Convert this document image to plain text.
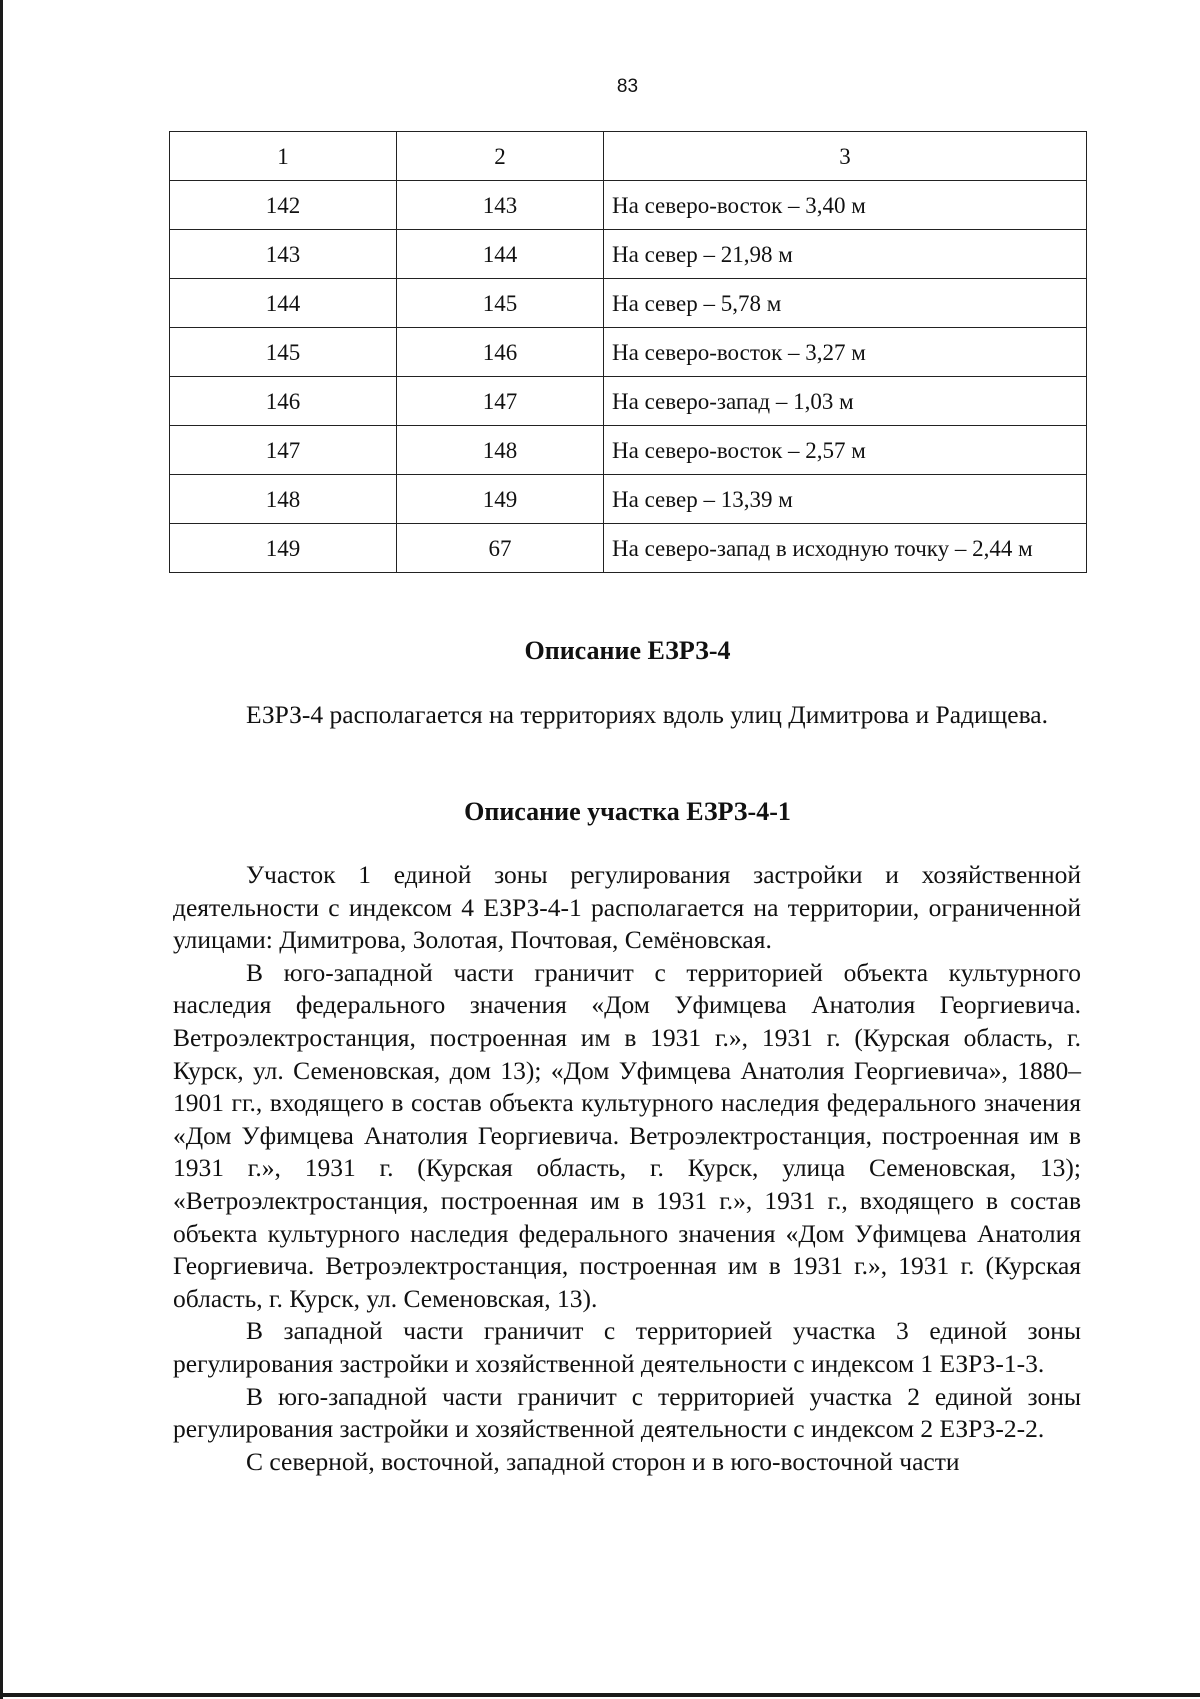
83
1	2	3
142	143	На северо-восток – 3,40 м
143	144	На север – 21,98 м
144	145	На север – 5,78 м
145	146	На северо-восток – 3,27 м
146	147	На северо-запад – 1,03 м
147	148	На северо-восток – 2,57 м
148	149	На север – 13,39 м
149	67	На северо-запад в исходную точку – 2,44 м
Описание ЕЗРЗ-4

ЕЗРЗ-4 располагается на территориях вдоль улиц Димитрова и Радищева.

Описание участка ЕЗРЗ-4-1

Участок 1 единой зоны регулирования застройки и хозяйственной деятельности с индексом 4 ЕЗРЗ-4-1 располагается на территории, ограниченной улицами: Димитрова, Золотая, Почтовая, Семёновская.

В юго-западной части граничит с территорией объекта культурного наследия федерального значения «Дом Уфимцева Анатолия Георгиевича. Ветроэлектростанция, построенная им в 1931 г.», 1931 г. (Курская область, г. Курск, ул. Семеновская, дом 13); «Дом Уфимцева Анатолия Георгиевича», 1880–1901 гг., входящего в состав объекта культурного наследия федерального значения «Дом Уфимцева Анатолия Георгиевича. Ветроэлектростанция, построенная им в 1931 г.», 1931 г. (Курская область, г. Курск, улица Семеновская, 13); «Ветроэлектростанция, построенная им в 1931 г.», 1931 г., входящего в состав объекта культурного наследия федерального значения «Дом Уфимцева Анатолия Георгиевича. Ветроэлектростанция, построенная им в 1931 г.», 1931 г. (Курская область, г. Курск, ул. Семеновская, 13).

В западной части граничит с территорией участка 3 единой зоны регулирования застройки и хозяйственной деятельности с индексом 1 ЕЗРЗ-1-3.

В юго-западной части граничит с территорией участка 2 единой зоны регулирования застройки и хозяйственной деятельности с индексом 2 ЕЗРЗ-2-2.

С северной, восточной, западной сторон и в юго-восточной части
